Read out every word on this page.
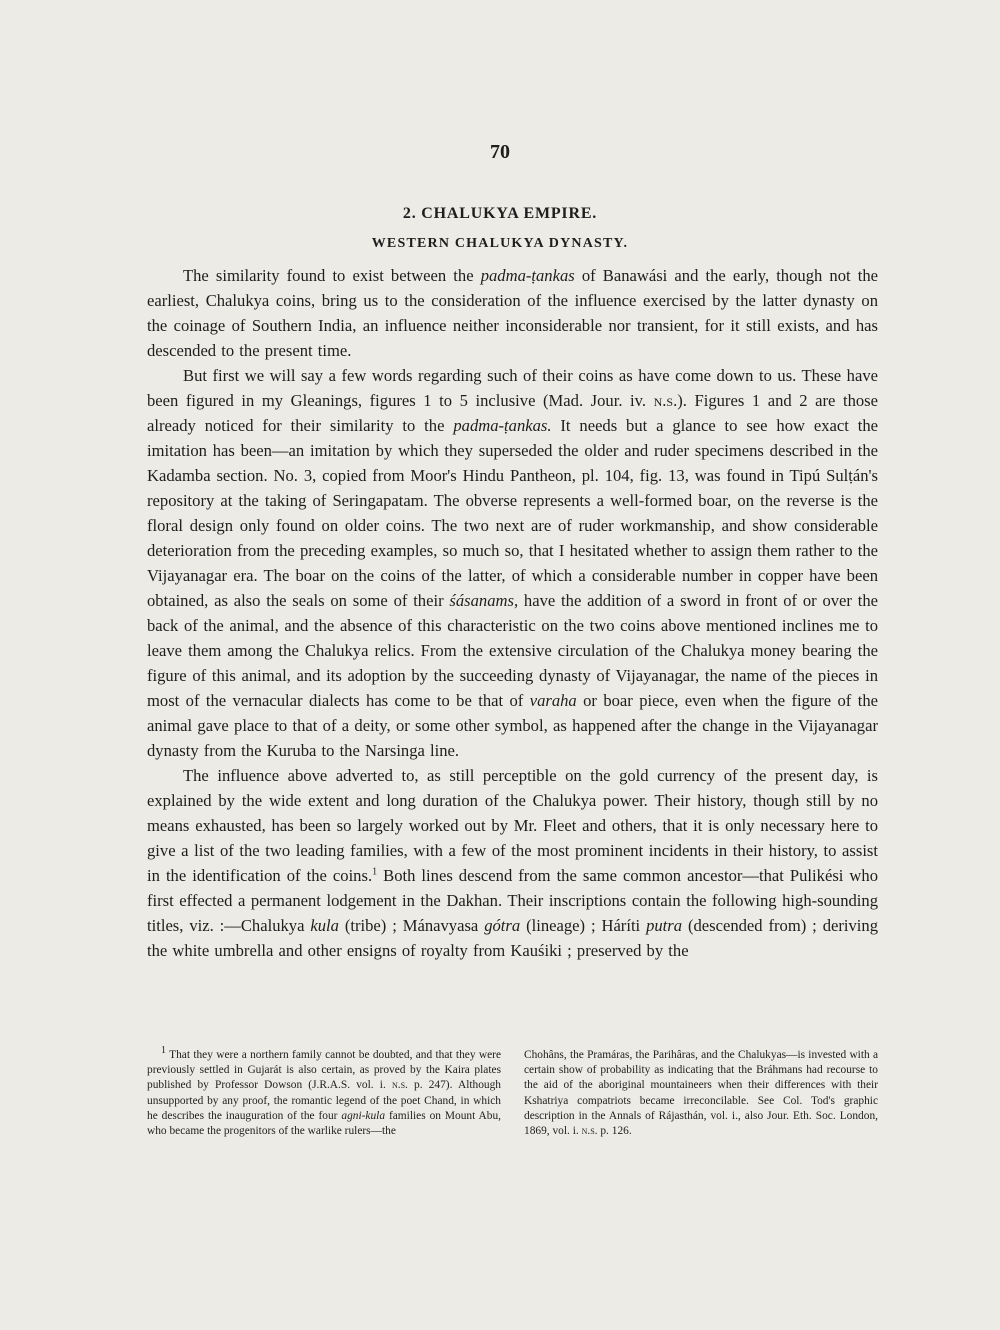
70
2. CHALUKYA EMPIRE.
WESTERN CHALUKYA DYNASTY.

The similarity found to exist between the padma-ṭankas of Banawási and the early, though not the earliest, Chalukya coins, bring us to the consideration of the influence exercised by the latter dynasty on the coinage of Southern India, an influence neither inconsiderable nor transient, for it still exists, and has descended to the present time.

But first we will say a few words regarding such of their coins as have come down to us. These have been figured in my Gleanings, figures 1 to 5 inclusive (Mad. Jour. iv. n.s.). Figures 1 and 2 are those already noticed for their similarity to the padma-ṭankas. It needs but a glance to see how exact the imitation has been—an imitation by which they superseded the older and ruder specimens described in the Kadamba section. No. 3, copied from Moor's Hindu Pantheon, pl. 104, fig. 13, was found in Tipú Sulṭán's repository at the taking of Seringapatam. The obverse represents a well-formed boar, on the reverse is the floral design only found on older coins. The two next are of ruder workmanship, and show considerable deterioration from the preceding examples, so much so, that I hesitated whether to assign them rather to the Vijayanagar era. The boar on the coins of the latter, of which a considerable number in copper have been obtained, as also the seals on some of their śásanams, have the addition of a sword in front of or over the back of the animal, and the absence of this characteristic on the two coins above mentioned inclines me to leave them among the Chalukya relics. From the extensive circulation of the Chalukya money bearing the figure of this animal, and its adoption by the succeeding dynasty of Vijayanagar, the name of the pieces in most of the vernacular dialects has come to be that of varaha or boar piece, even when the figure of the animal gave place to that of a deity, or some other symbol, as happened after the change in the Vijayanagar dynasty from the Kuruba to the Narsinga line.

The influence above adverted to, as still perceptible on the gold currency of the present day, is explained by the wide extent and long duration of the Chalukya power. Their history, though still by no means exhausted, has been so largely worked out by Mr. Fleet and others, that it is only necessary here to give a list of the two leading families, with a few of the most prominent incidents in their history, to assist in the identification of the coins.$^1$ Both lines descend from the same common ancestor—that Pulikési who first effected a permanent lodgement in the Dakhan. Their inscriptions contain the following high-sounding titles, viz. :—Chalukya kula (tribe) ; Mánavyasa gótra (lineage) ; Háríti putra (descended from) ; deriving the white umbrella and other ensigns of royalty from Kauśiki ; preserved by the

$^1$ That they were a northern family cannot be doubted, and that they were previously settled in Gujarát is also certain, as proved by the Kaira plates published by Professor Dowson (J.R.A.S. vol. i. n.s. p. 247). Although unsupported by any proof, the romantic legend of the poet Chand, in which he describes the inauguration of the four agni-kula families on Mount Abu, who became the progenitors of the warlike rulers—the

Chohâns, the Pramáras, the Parihâras, and the Chalukyas—is invested with a certain show of probability as indicating that the Bráhmans had recourse to the aid of the aboriginal mountaineers when their differences with their Kshatriya compatriots became irreconcilable. See Col. Tod's graphic description in the Annals of Rájasthán, vol. i., also Jour. Eth. Soc. London, 1869, vol. i. n.s. p. 126.
